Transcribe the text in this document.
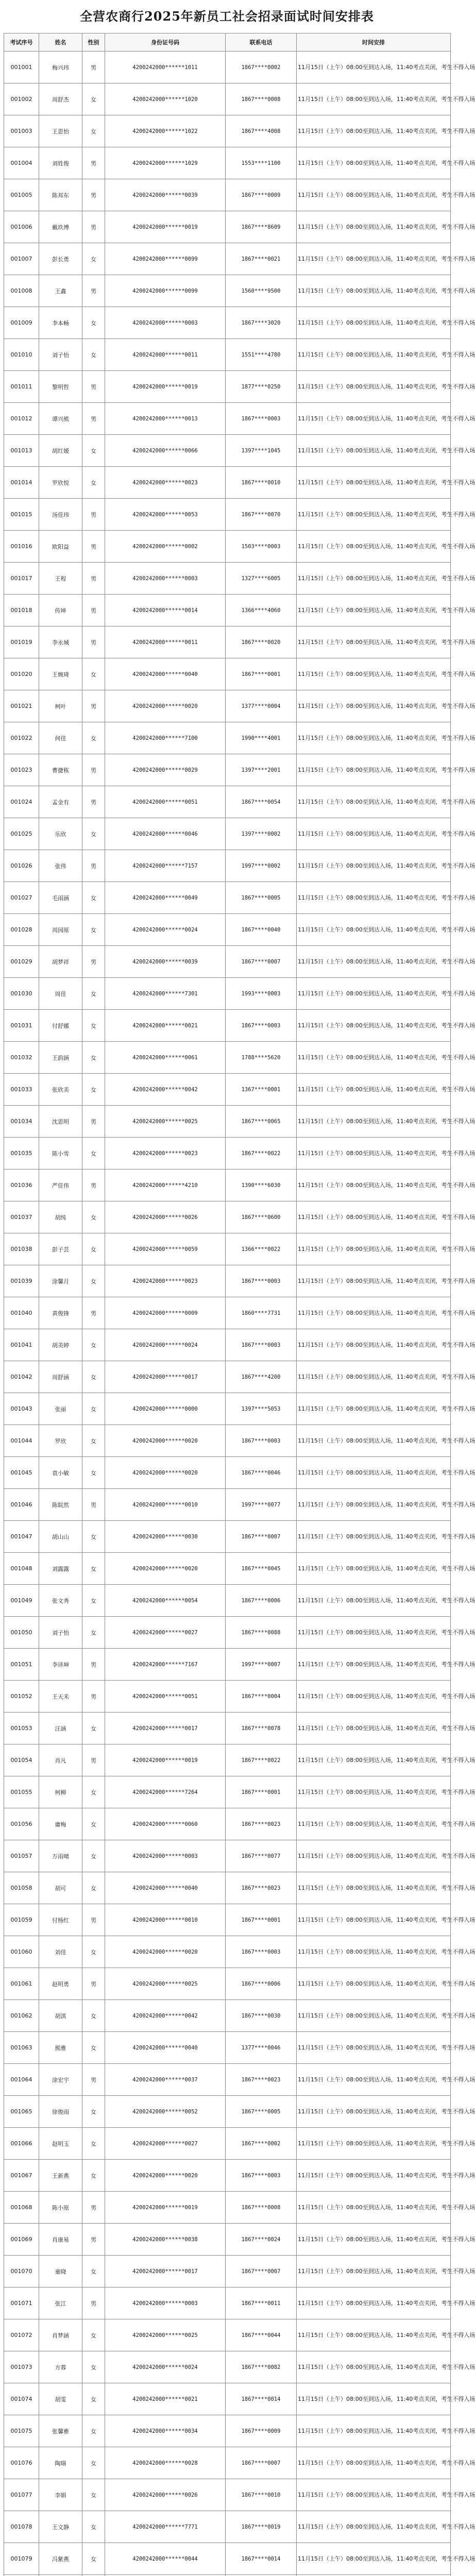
全营农商行2025年新员工社会招录面试时间安排表
考试序号	姓名	性别	身份证号码	联系电话	时间安排
001001	梅兴玮	男	4200242000******1011	1867****0002	11月15日（上午）08:00至到达入场，11:40考点关闭，考生不得入场
001002	周舒杰	女	4200242000******1020	1867****0008	11月15日（上午）08:00至到达入场，11:40考点关闭，考生不得入场
001003	王思怡	女	4200242000******1022	1867****4008	11月15日（上午）08:00至到达入场，11:40考点关闭，考生不得入场
001004	刘姓俊	男	4200242000******1029	1553****1100	11月15日（上午）08:00至到达入场，11:40考点关闭，考生不得入场
001005	陈邦东	男	4200242000******0039	1867****0009	11月15日（上午）08:00至到达入场，11:40考点关闭，考生不得入场
001006	戴玖博	男	4200242000******0019	1867****8609	11月15日（上午）08:00至到达入场，11:40考点关闭，考生不得入场
001007	彭长勇	女	4200242000******0099	1867****0021	11月15日（上午）08:00至到达入场，11:40考点关闭，考生不得入场
001008	王鑫	男	4200242000******0099	1560****9500	11月15日（上午）08:00至到达入场，11:40考点关闭，考生不得入场
001009	李本畅	女	4200242000******0003	1867****3020	11月15日（上午）08:00至到达入场，11:40考点关闭，考生不得入场
001010	刘子怡	女	4200242000******0011	1551****4780	11月15日（上午）08:00至到达入场，11:40考点关闭，考生不得入场
001011	黎明哲	男	4200242000******0019	1877****0250	11月15日（上午）08:00至到达入场，11:40考点关闭，考生不得入场
001012	谭兴熊	男	4200242000******0013	1867****0003	11月15日（上午）08:00至到达入场，11:40考点关闭，考生不得入场
001013	胡红媛	女	4200242000******0066	1397****1045	11月15日（上午）08:00至到达入场，11:40考点关闭，考生不得入场
001014	罗欣悦	女	4200242000******0023	1867****0010	11月15日（上午）08:00至到达入场，11:40考点关闭，考生不得入场
001015	汤佳玮	男	4200242000******0053	1867****0070	11月15日（上午）08:00至到达入场，11:40考点关闭，考生不得入场
001016	欧阳益	男	4200242000******0002	1503****0003	11月15日（上午）08:00至到达入场，11:40考点关闭，考生不得入场
001017	王程	男	4200242000******0003	1327****6005	11月15日（上午）08:00至到达入场，11:40考点关闭，考生不得入场
001018	传坤	男	4200242000******0014	1366****4060	11月15日（上午）08:00至到达入场，11:40考点关闭，考生不得入场
001019	李永城	男	4200242000******0011	1867****0020	11月15日（上午）08:00至到达入场，11:40考点关闭，考生不得入场
001020	王婉琦	女	4200242000******0040	1867****0001	11月15日（上午）08:00至到达入场，11:40考点关闭，考生不得入场
001021	柯叶	男	4200242000******0020	1377****0004	11月15日（上午）08:00至到达入场，11:40考点关闭，考生不得入场
001022	何佳	女	4200242000******7100	1990****4001	11月15日（上午）08:00至到达入场，11:40考点关闭，考生不得入场
001023	曹捷栋	男	4200242000******0029	1397****2001	11月15日（上午）08:00至到达入场，11:40考点关闭，考生不得入场
001024	孟金有	男	4200242000******0051	1867****0054	11月15日（上午）08:00至到达入场，11:40考点关闭，考生不得入场
001025	乐欣	女	4200242000******0046	1397****0002	11月15日（上午）08:00至到达入场，11:40考点关闭，考生不得入场
001026	张伟	男	4200242000******7157	1997****0002	11月15日（上午）08:00至到达入场，11:40考点关闭，考生不得入场
001027	毛雨涵	女	4200242000******0049	1867****0005	11月15日（上午）08:00至到达入场，11:40考点关闭，考生不得入场
001028	周园原	女	4200242000******0024	1867****0040	11月15日（上午）08:00至到达入场，11:40考点关闭，考生不得入场
001029	胡梦祥	男	4200242000******0039	1867****0007	11月15日（上午）08:00至到达入场，11:40考点关闭，考生不得入场
001030	周佳	女	4200242000******7301	1993****0003	11月15日（上午）08:00至到达入场，11:40考点关闭，考生不得入场
001031	付舒娜	女	4200242000******0021	1867****0003	11月15日（上午）08:00至到达入场，11:40考点关闭，考生不得入场
001032	王韵涵	女	4200242000******0061	1788****5620	11月15日（上午）08:00至到达入场，11:40考点关闭，考生不得入场
001033	张欣美	女	4200242000******0042	1367****0001	11月15日（上午）08:00至到达入场，11:40考点关闭，考生不得入场
001034	沈思明	男	4200242000******0025	1867****0065	11月15日（上午）08:00至到达入场，11:40考点关闭，考生不得入场
001035	陈小雪	女	4200242000******0023	1867****0022	11月15日（上午）08:00至到达入场，11:40考点关闭，考生不得入场
001036	严佳伟	男	4200242000******4210	1390****6030	11月15日（上午）08:00至到达入场，11:40考点关闭，考生不得入场
001037	胡纯	女	4200242000******0026	1867****0600	11月15日（上午）08:00至到达入场，11:40考点关闭，考生不得入场
001038	彭子芸	女	4200242000******0059	1366****0022	11月15日（上午）08:00至到达入场，11:40考点关闭，考生不得入场
001039	涂馨月	女	4200242000******0023	1867****0003	11月15日（上午）08:00至到达入场，11:40考点关闭，考生不得入场
001040	黄俊锋	男	4200242000******0009	1860****7731	11月15日（上午）08:00至到达入场，11:40考点关闭，考生不得入场
001041	胡美婷	女	4200242000******0024	1867****0003	11月15日（上午）08:00至到达入场，11:40考点关闭，考生不得入场
001042	周舒涵	女	4200242000******0017	1867****4200	11月15日（上午）08:00至到达入场，11:40考点关闭，考生不得入场
001043	张丽	女	4200242000******0000	1397****5053	11月15日（上午）08:00至到达入场，11:40考点关闭，考生不得入场
001044	罗欣	女	4200242000******0020	1867****0003	11月15日（上午）08:00至到达入场，11:40考点关闭，考生不得入场
001045	袁小敏	女	4200242000******0020	1867****0046	11月15日（上午）08:00至到达入场，11:40考点关闭，考生不得入场
001046	陈皖然	男	4200242000******0010	1997****0077	11月15日（上午）08:00至到达入场，11:40考点关闭，考生不得入场
001047	胡山山	女	4200242000******0030	1867****0007	11月15日（上午）08:00至到达入场，11:40考点关闭，考生不得入场
001048	刘露露	女	4200242000******0020	1867****0045	11月15日（上午）08:00至到达入场，11:40考点关闭，考生不得入场
001049	张文秀	女	4200242000******0054	1867****0006	11月15日（上午）08:00至到达入场，11:40考点关闭，考生不得入场
001050	刘子怡	女	4200242000******0027	1867****0088	11月15日（上午）08:00至到达入场，11:40考点关闭，考生不得入场
001051	李译坤	男	4200242000******7167	1997****0007	11月15日（上午）08:00至到达入场，11:40考点关闭，考生不得入场
001052	王天禾	男	4200242000******0051	1867****0004	11月15日（上午）08:00至到达入场，11:40考点关闭，考生不得入场
001053	汪涵	女	4200242000******0017	1867****0078	11月15日（上午）08:00至到达入场，11:40考点关闭，考生不得入场
001054	肖凡	男	4200242000******0019	1867****0022	11月15日（上午）08:00至到达入场，11:40考点关闭，考生不得入场
001055	柯柳	女	4200242000******7264	1867****0001	11月15日（上午）08:00至到达入场，11:40考点关闭，考生不得入场
001056	庸梅	女	4200242000******0060	1867****0023	11月15日（上午）08:00至到达入场，11:40考点关闭，考生不得入场
001057	万雨晴	女	4200242000******0003	1867****0077	11月15日（上午）08:00至到达入场，11:40考点关闭，考生不得入场
001058	胡可	女	4200242000******0040	1867****0023	11月15日（上午）08:00至到达入场，11:40考点关闭，考生不得入场
001059	付杨红	男	4200242000******0010	1867****0001	11月15日（上午）08:00至到达入场，11:40考点关闭，考生不得入场
001060	刘佳	女	4200242000******0020	1867****0003	11月15日（上午）08:00至到达入场，11:40考点关闭，考生不得入场
001061	赵明勇	男	4200242000******0025	1867****0006	11月15日（上午）08:00至到达入场，11:40考点关闭，考生不得入场
001062	胡淇	女	4200242000******0042	1867****0030	11月15日（上午）08:00至到达入场，11:40考点关闭，考生不得入场
001063	熊雅	女	4200242000******0040	1377****0046	11月15日（上午）08:00至到达入场，11:40考点关闭，考生不得入场
001064	涂宏宇	男	4200242000******0037	1867****0023	11月15日（上午）08:00至到达入场，11:40考点关闭，考生不得入场
001065	徐俊雨	女	4200242000******0052	1867****0005	11月15日（上午）08:00至到达入场，11:40考点关闭，考生不得入场
001066	赵明玉	女	4200242000******0027	1867****0002	11月15日（上午）08:00至到达入场，11:40考点关闭，考生不得入场
001067	王新燕	女	4200242000******0020	1867****0003	11月15日（上午）08:00至到达入场，11:40考点关闭，考生不得入场
001068	陈小原	男	4200242000******0019	1867****0008	11月15日（上午）08:00至到达入场，11:40考点关闭，考生不得入场
001069	肖康易	男	4200242000******0038	1867****0024	11月15日（上午）08:00至到达入场，11:40考点关闭，考生不得入场
001070	童晓	女	4200242000******0017	1867****0007	11月15日（上午）08:00至到达入场，11:40考点关闭，考生不得入场
001071	张江	男	4200242000******0003	1867****0011	11月15日（上午）08:00至到达入场，11:40考点关闭，考生不得入场
001072	肖梦涵	女	4200242000******0025	1867****0044	11月15日（上午）08:00至到达入场，11:40考点关闭，考生不得入场
001073	方蓉	女	4200242000******0024	1867****0082	11月15日（上午）08:00至到达入场，11:40考点关闭，考生不得入场
001074	胡雯	女	4200242000******0021	1867****0014	11月15日（上午）08:00至到达入场，11:40考点关闭，考生不得入场
001075	张馨雅	女	4200242000******0034	1867****0009	11月15日（上午）08:00至到达入场，11:40考点关闭，考生不得入场
001076	陶瑞	女	4200242000******0028	1867****0007	11月15日（上午）08:00至到达入场，11:40考点关闭，考生不得入场
001077	李娟	女	4200242000******0026	1867****0010	11月15日（上午）08:00至到达入场，11:40考点关闭，考生不得入场
001078	王文静	女	4200242000******7771	1867****0019	11月15日（上午）08:00至到达入场，11:40考点关闭，考生不得入场
001079	冯紫燕	女	4200242000******0044	1867****0014	11月15日（上午）08:00至到达入场，11:40考点关闭，考生不得入场
